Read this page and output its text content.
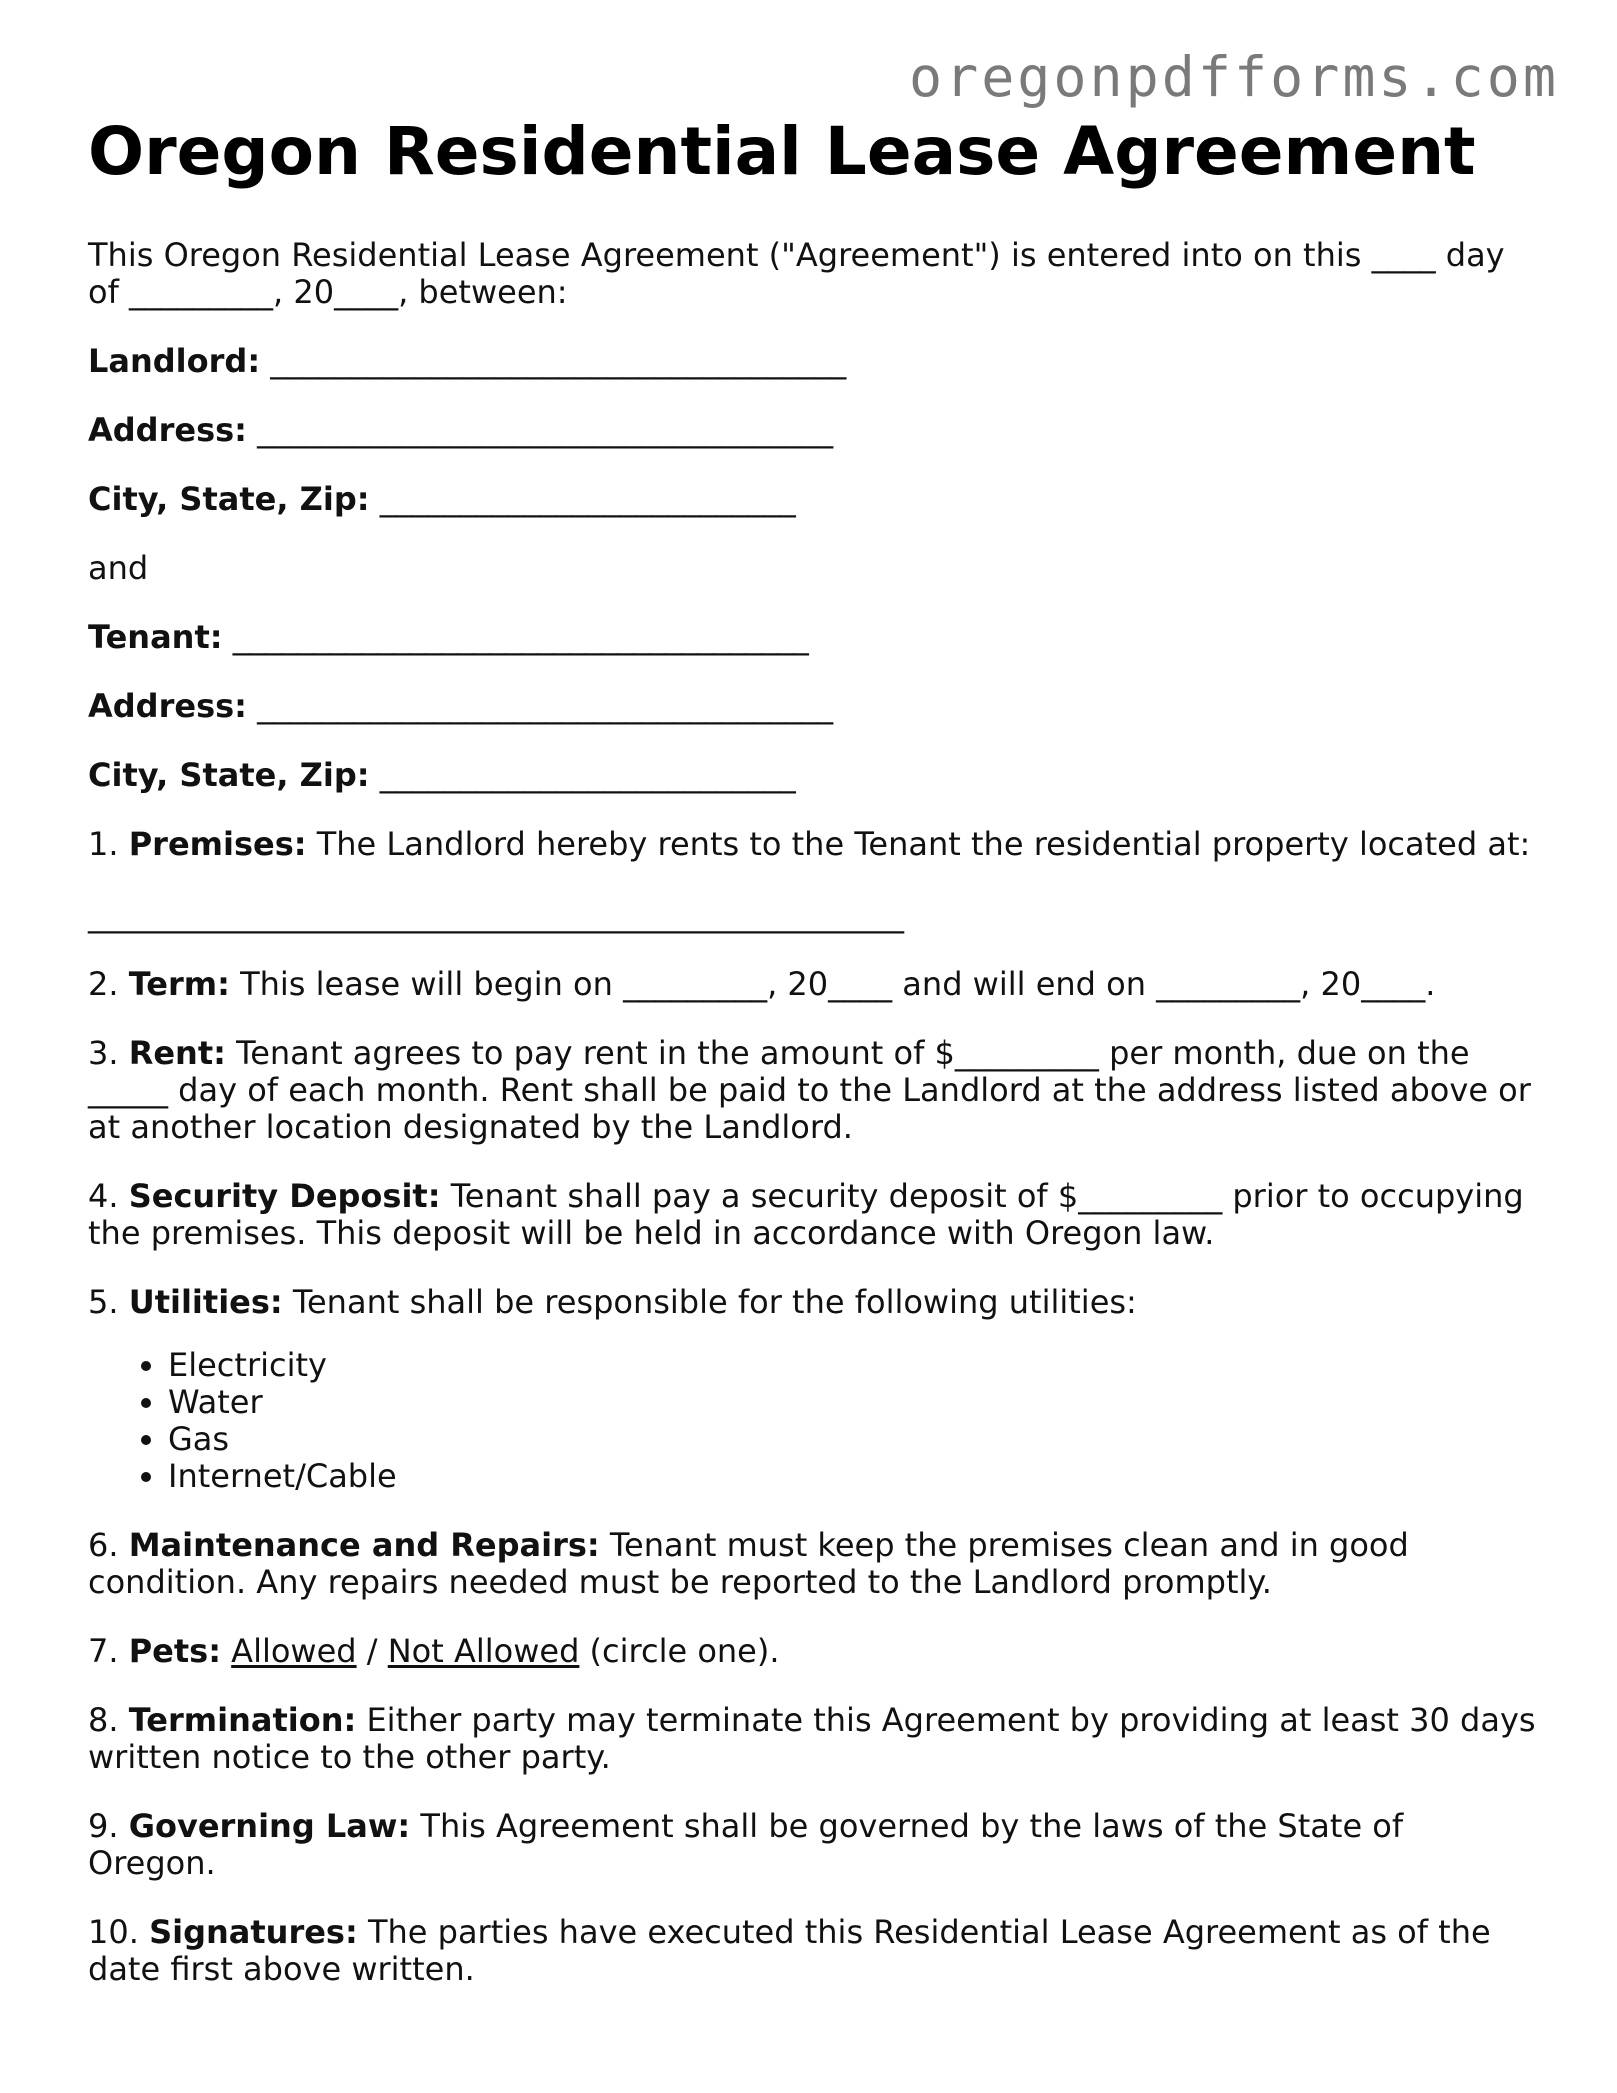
oregonpdfforms.com
Oregon Residential Lease Agreement

This Oregon Residential Lease Agreement ("Agreement") is entered into on this ____ day of _________, 20____, between:

Landlord: ____________________________________

Address: ____________________________________

City, State, Zip: __________________________

and

Tenant: ____________________________________

Address: ____________________________________

City, State, Zip: __________________________

1. Premises: The Landlord hereby rents to the Tenant the residential property located at:

___________________________________________________

2. Term: This lease will begin on _________, 20____ and will end on _________, 20____.

3. Rent: Tenant agrees to pay rent in the amount of $_________ per month, due on the _____ day of each month. Rent shall be paid to the Landlord at the address listed above or at another location designated by the Landlord.

4. Security Deposit: Tenant shall pay a security deposit of $_________ prior to occupying the premises. This deposit will be held in accordance with Oregon law.

5. Utilities: Tenant shall be responsible for the following utilities:

• Electricity
• Water
• Gas
• Internet/Cable

6. Maintenance and Repairs: Tenant must keep the premises clean and in good condition. Any repairs needed must be reported to the Landlord promptly.

7. Pets: Allowed / Not Allowed (circle one).

8. Termination: Either party may terminate this Agreement by providing at least 30 days written notice to the other party.

9. Governing Law: This Agreement shall be governed by the laws of the State of Oregon.

10. Signatures: The parties have executed this Residential Lease Agreement as of the date first above written.
